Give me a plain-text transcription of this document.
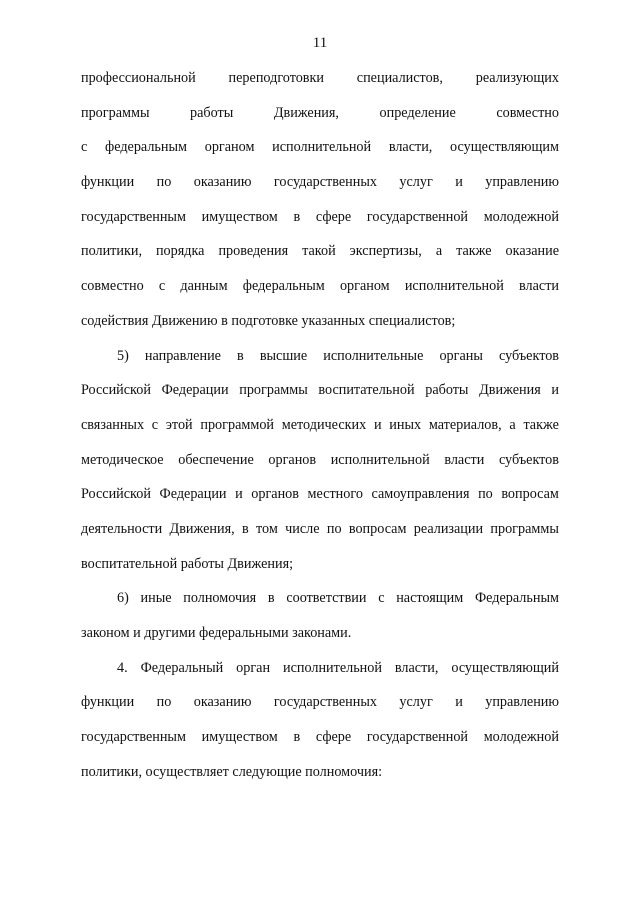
11
профессиональной переподготовки специалистов, реализующих
программы	работы	Движения,	определение	совместно
с федеральным органом исполнительной власти, осуществляющим
функции по оказанию государственных услуг и управлению
государственным имуществом в сфере государственной молодежной
политики, порядка проведения такой экспертизы, а также оказание
совместно с данным федеральным органом исполнительной власти
содействия Движению в подготовке указанных специалистов;
5) направление в высшие исполнительные органы субъектов
Российской Федерации программы воспитательной работы Движения и
связанных с этой программой методических и иных материалов, а также
методическое обеспечение органов исполнительной власти субъектов
Российской Федерации и органов местного самоуправления по вопросам
деятельности Движения, в том числе по вопросам реализации программы
воспитательной работы Движения;
6) иные полномочия в соответствии с настоящим Федеральным
законом и другими федеральными законами.
4. Федеральный орган исполнительной власти, осуществляющий
функции по оказанию государственных услуг и управлению
государственным имуществом в сфере государственной молодежной
политики, осуществляет следующие полномочия:
